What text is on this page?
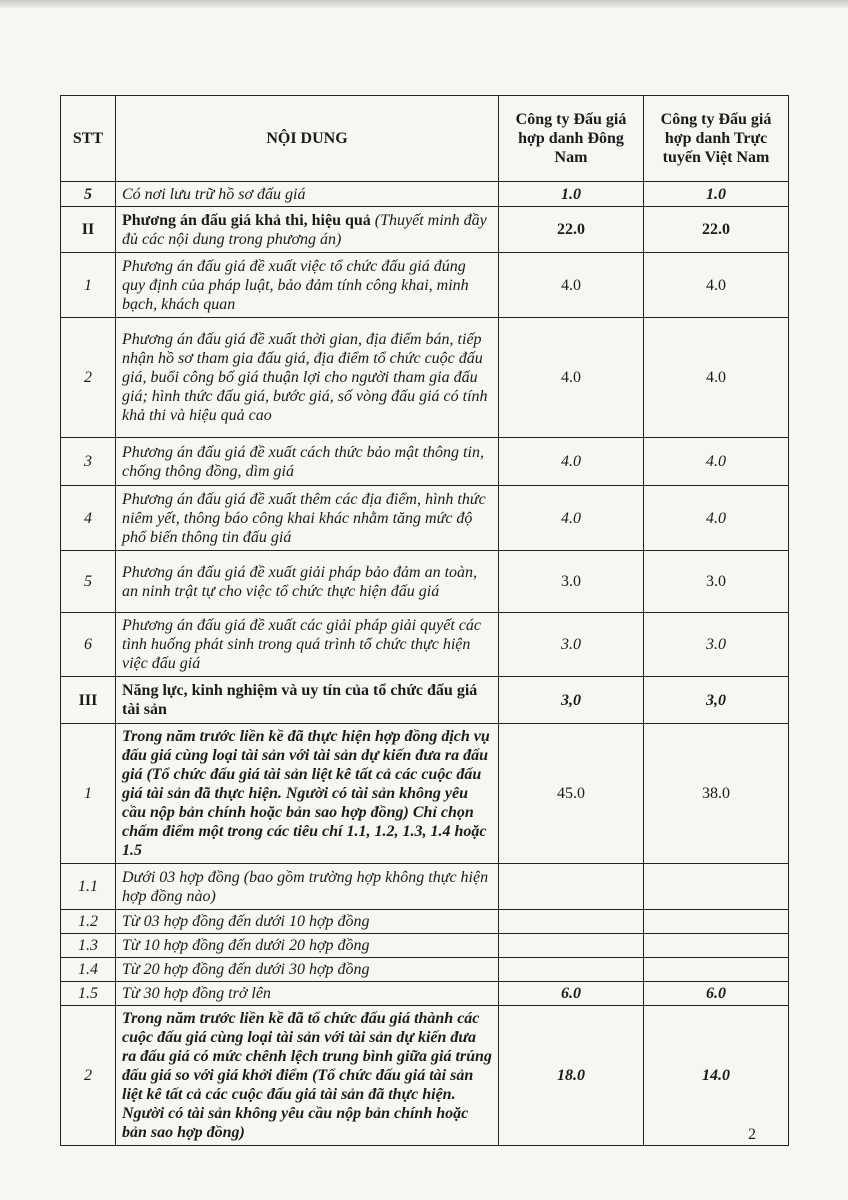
STT	NỘI DUNG	Công ty Đấu giá hợp danh Đông Nam	Công ty Đấu giá hợp danh Trực tuyến Việt Nam
5	Có nơi lưu trữ hồ sơ đấu giá	1.0	1.0
II	Phương án đấu giá khả thi, hiệu quả (Thuyết minh đầy đủ các nội dung trong phương án)	22.0	22.0
1	Phương án đấu giá đề xuất việc tổ chức đấu giá đúng quy định của pháp luật, bảo đảm tính công khai, minh bạch, khách quan	4.0	4.0
2	Phương án đấu giá đề xuất thời gian, địa điểm bán, tiếp nhận hồ sơ tham gia đấu giá, địa điểm tổ chức cuộc đấu giá, buổi công bố giá thuận lợi cho người tham gia đấu giá; hình thức đấu giá, bước giá, số vòng đấu giá có tính khả thi và hiệu quả cao	4.0	4.0
3	Phương án đấu giá đề xuất cách thức bảo mật thông tin, chống thông đồng, dìm giá	4.0	4.0
4	Phương án đấu giá đề xuất thêm các địa điểm, hình thức niêm yết, thông báo công khai khác nhằm tăng mức độ phổ biến thông tin đấu giá	4.0	4.0
5	Phương án đấu giá đề xuất giải pháp bảo đảm an toàn, an ninh trật tự cho việc tổ chức thực hiện đấu giá	3.0	3.0
6	Phương án đấu giá đề xuất các giải pháp giải quyết các tình huống phát sinh trong quá trình tổ chức thực hiện việc đấu giá	3.0	3.0
III	Năng lực, kinh nghiệm và uy tín của tổ chức đấu giá tài sản	3,0	3,0
1	Trong năm trước liền kề đã thực hiện hợp đồng dịch vụ đấu giá cùng loại tài sản với tài sản dự kiến đưa ra đấu giá (Tổ chức đấu giá tài sản liệt kê tất cả các cuộc đấu giá tài sản đã thực hiện. Người có tài sản không yêu cầu nộp bản chính hoặc bản sao hợp đồng) Chỉ chọn chấm điểm một trong các tiêu chí 1.1, 1.2, 1.3, 1.4 hoặc 1.5	45.0	38.0
1.1	Dưới 03 hợp đồng (bao gồm trường hợp không thực hiện hợp đồng nào)		
1.2	Từ 03 hợp đồng đến dưới 10 hợp đồng		
1.3	Từ 10 hợp đồng đến dưới 20 hợp đồng		
1.4	Từ 20 hợp đồng đến dưới 30 hợp đồng		
1.5	Từ 30 hợp đồng trở lên	6.0	6.0
2	Trong năm trước liền kề đã tổ chức đấu giá thành các cuộc đấu giá cùng loại tài sản với tài sản dự kiến đưa ra đấu giá có mức chênh lệch trung bình giữa giá trúng đấu giá so với giá khởi điểm (Tổ chức đấu giá tài sản liệt kê tất cả các cuộc đấu giá tài sản đã thực hiện. Người có tài sản không yêu cầu nộp bản chính hoặc bản sao hợp đồng)	18.0	14.0
2
